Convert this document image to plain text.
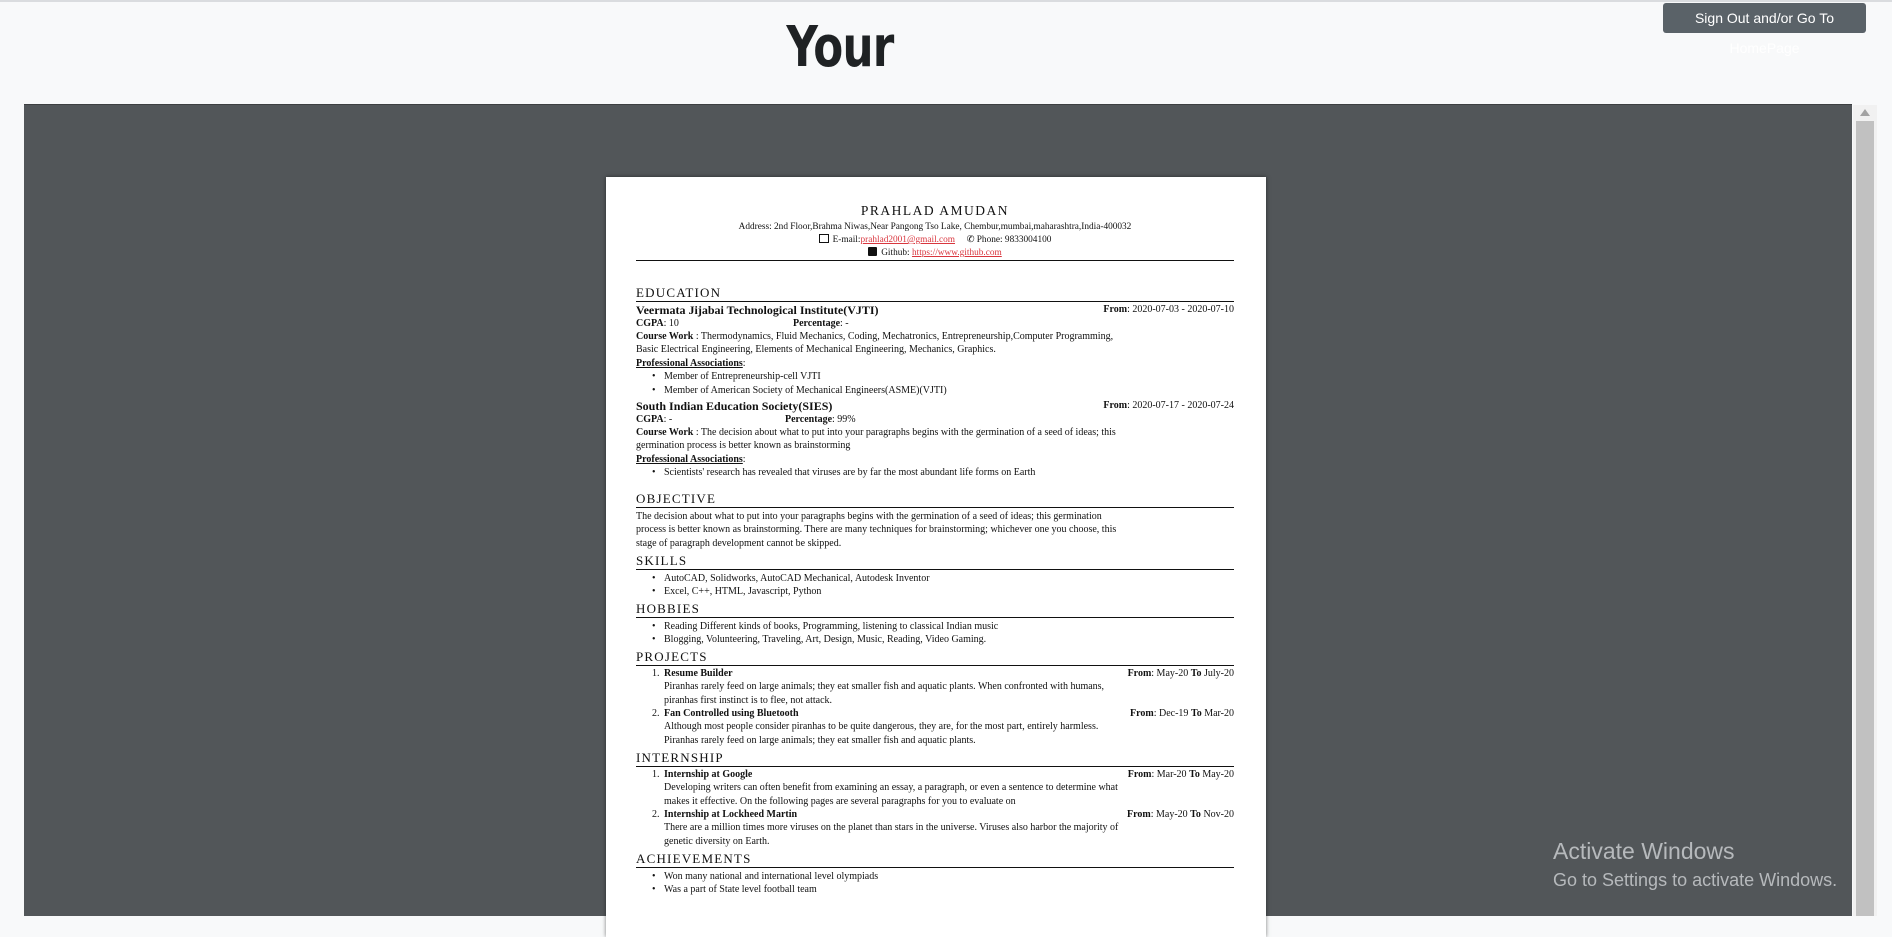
Your	Sign Out and/or Go To HomePage
PRAHLAD AMUDAN
Address: 2nd Floor,Brahma Niwas,Near Pangong Tso Lake, Chembur,mumbai,maharashtra,India-400032
E-mail:prahlad2001@gmail.com ✆ Phone: 9833004100
Github: https://www.github.com
EDUCATION
Veermata Jijabai Technological Institute(VJTI)	From: 2020-07-03 - 2020-07-10
CGPA: 10	Percentage: -
Course Work : Thermodynamics, Fluid Mechanics, Coding, Mechatronics, Entrepreneurship,Computer Programming,
Basic Electrical Engineering, Elements of Mechanical Engineering, Mechanics, Graphics.
Professional Associations:
• Member of Entrepreneurship-cell VJTI
• Member of American Society of Mechanical Engineers(ASME)(VJTI)
South Indian Education Society(SIES)	From: 2020-07-17 - 2020-07-24
CGPA: -	Percentage: 99%
Course Work : The decision about what to put into your paragraphs begins with the germination of a seed of ideas; this
germination process is better known as brainstorming
Professional Associations:
• Scientists' research has revealed that viruses are by far the most abundant life forms on Earth
OBJECTIVE
The decision about what to put into your paragraphs begins with the germination of a seed of ideas; this germination
process is better known as brainstorming. There are many techniques for brainstorming; whichever one you choose, this
stage of paragraph development cannot be skipped.
SKILLS
• AutoCAD, Solidworks, AutoCAD Mechanical, Autodesk Inventor
• Excel, C++, HTML, Javascript, Python
HOBBIES
• Reading Different kinds of books, Programming, listening to classical Indian music
• Blogging, Volunteering, Traveling, Art, Design, Music, Reading, Video Gaming.
PROJECTS
1. Resume Builder	From: May-20 To July-20

Piranhas rarely feed on large animals; they eat smaller fish and aquatic plants. When confronted with humans,
piranhas first instinct is to flee, not attack.
2. Fan Controlled using Bluetooth	From: Dec-19 To Mar-20

Although most people consider piranhas to be quite dangerous, they are, for the most part, entirely harmless.
Piranhas rarely feed on large animals; they eat smaller fish and aquatic plants.
INTERNSHIP
1. Internship at Google	From: Mar-20 To May-20

Developing writers can often benefit from examining an essay, a paragraph, or even a sentence to determine what
makes it effective. On the following pages are several paragraphs for you to evaluate on
2. Internship at Lockheed Martin	From: May-20 To Nov-20

There are a million times more viruses on the planet than stars in the universe. Viruses also harbor the majority of
genetic diversity on Earth.
ACHIEVEMENTS
• Won many national and international level olympiads
• Was a part of State level football team
Activate Windows
Go to Settings to activate Windows.
